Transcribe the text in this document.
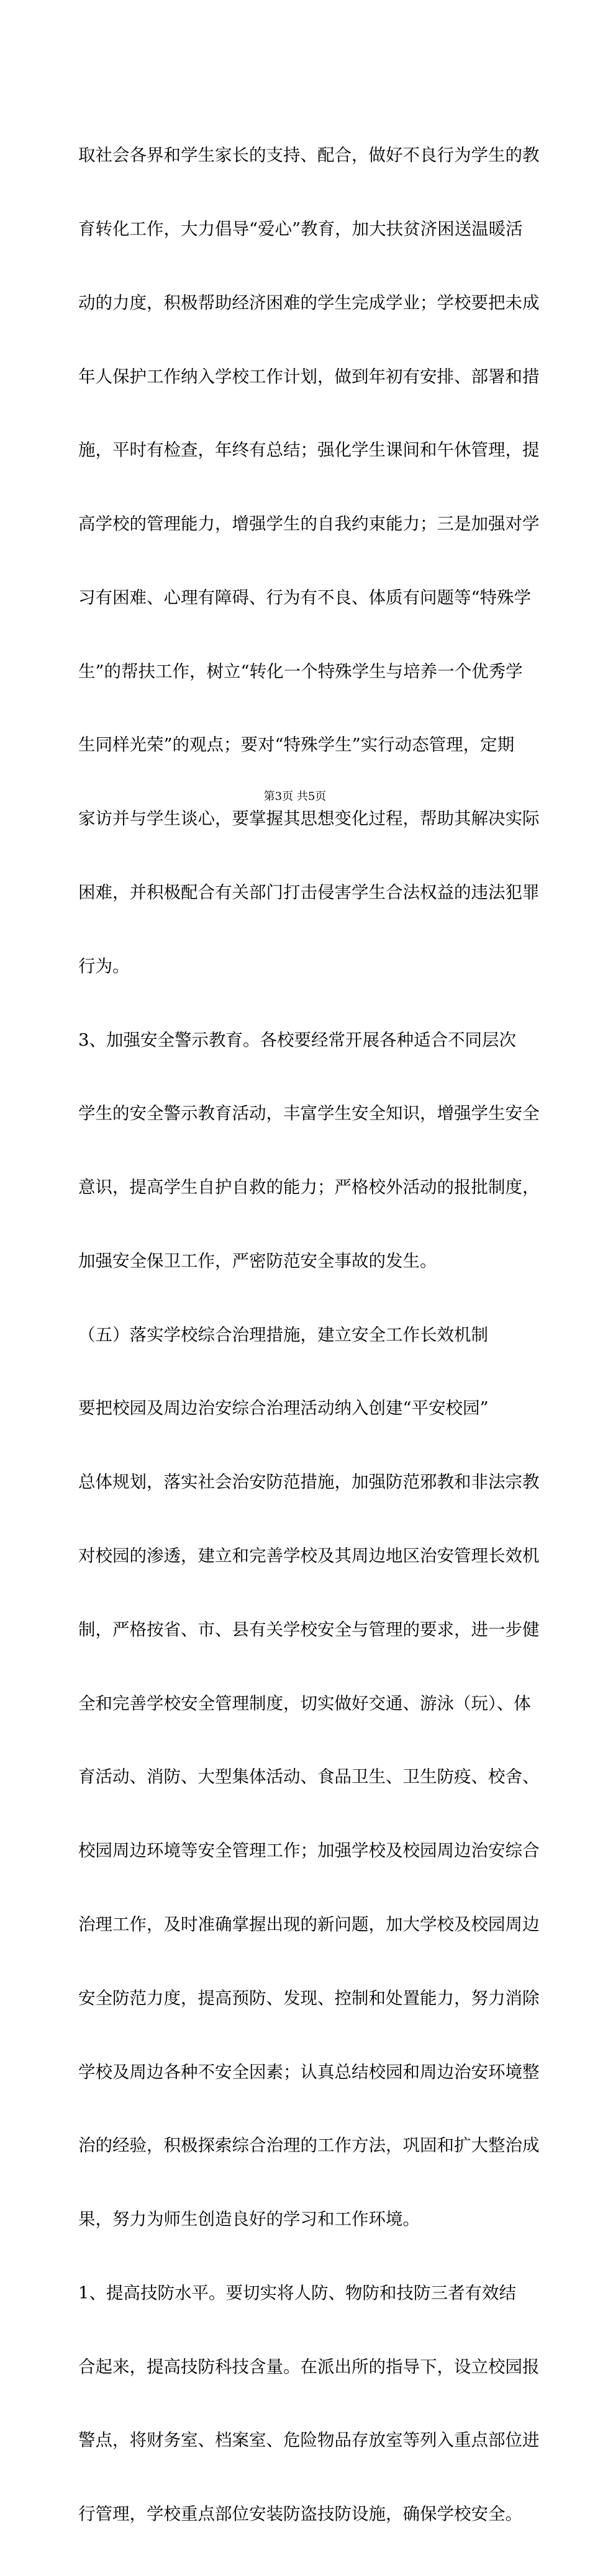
取社会各界和学生家长的支持、配合，做好不良行为学生的教

育转化工作，大力倡导“爱心”教育，加大扶贫济困送温暖活

动的力度，积极帮助经济困难的学生完成学业；学校要把未成

年人保护工作纳入学校工作计划，做到年初有安排、部署和措

施，平时有检查，年终有总结；强化学生课间和午休管理，提

高学校的管理能力，增强学生的自我约束能力；三是加强对学

习有困难、心理有障碍、行为有不良、体质有问题等“特殊学

生”的帮扶工作，树立“转化一个特殊学生与培养一个优秀学

生同样光荣”的观点；要对“特殊学生”实行动态管理，定期

家访并与学生谈心，要掌握其思想变化过程，帮助其解决实际

困难，并积极配合有关部门打击侵害学生合法权益的违法犯罪

行为。

3、加强安全警示教育。各校要经常开展各种适合不同层次

学生的安全警示教育活动，丰富学生安全知识，增强学生安全

意识，提高学生自护自救的能力；严格校外活动的报批制度，

加强安全保卫工作，严密防范安全事故的发生。

（五）落实学校综合治理措施，建立安全工作长效机制

要把校园及周边治安综合治理活动纳入创建“平安校园”

总体规划，落实社会治安防范措施，加强防范邪教和非法宗教

对校园的渗透，建立和完善学校及其周边地区治安管理长效机

制，严格按省、市、县有关学校安全与管理的要求，进一步健

全和完善学校安全管理制度，切实做好交通、游泳（玩）、体

育活动、消防、大型集体活动、食品卫生、卫生防疫、校舍、

校园周边环境等安全管理工作；加强学校及校园周边治安综合

治理工作，及时准确掌握出现的新问题，加大学校及校园周边

安全防范力度，提高预防、发现、控制和处置能力，努力消除

学校及周边各种不安全因素；认真总结校园和周边治安环境整

治的经验，积极探索综合治理的工作方法，巩固和扩大整治成

果，努力为师生创造良好的学习和工作环境。

1、提高技防水平。要切实将人防、物防和技防三者有效结

合起来，提高技防科技含量。在派出所的指导下，设立校园报

警点，将财务室、档案室、危险物品存放室等列入重点部位进

行管理，学校重点部位安装防盗技防设施，确保学校安全。

第3页 共5页
